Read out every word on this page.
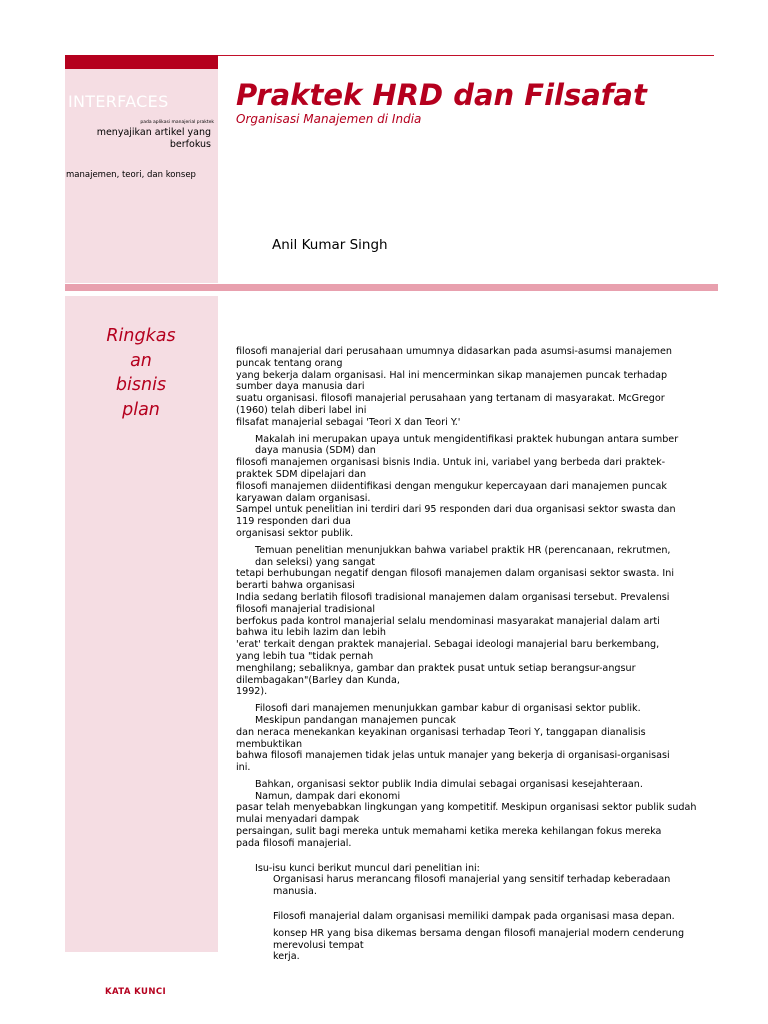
INTERFACES
pada aplikasi manajerial praktek
menyajikan artikel yang
berfokus
manajemen, teori, dan konsep
Praktek HRD dan Filsafat
Organisasi Manajemen di India
Anil Kumar Singh
Ringkas
an
bisnis
plan
filosofi manajerial dari perusahaan umumnya didasarkan pada asumsi-asumsi manajemen
puncak tentang orang
yang bekerja dalam organisasi. Hal ini mencerminkan sikap manajemen puncak terhadap
sumber daya manusia dari
suatu organisasi. filosofi manajerial perusahaan yang tertanam di masyarakat. McGregor
(1960) telah diberi label ini
filsafat manajerial sebagai 'Teori X dan Teori Y.'
Makalah ini merupakan upaya untuk mengidentifikasi praktek hubungan antara sumber
daya manusia (SDM) dan
filosofi manajemen organisasi bisnis India. Untuk ini, variabel yang berbeda dari praktek-
praktek SDM dipelajari dan
filosofi manajemen diidentifikasi dengan mengukur kepercayaan dari manajemen puncak
karyawan dalam organisasi.
Sampel untuk penelitian ini terdiri dari 95 responden dari dua organisasi sektor swasta dan
119 responden dari dua
organisasi sektor publik.
Temuan penelitian menunjukkan bahwa variabel praktik HR (perencanaan, rekrutmen,
dan seleksi) yang sangat
tetapi berhubungan negatif dengan filosofi manajemen dalam organisasi sektor swasta. Ini
berarti bahwa organisasi
India sedang berlatih filosofi tradisional manajemen dalam organisasi tersebut. Prevalensi
filosofi manajerial tradisional
berfokus pada kontrol manajerial selalu mendominasi masyarakat manajerial dalam arti
bahwa itu lebih lazim dan lebih
'erat' terkait dengan praktek manajerial. Sebagai ideologi manajerial baru berkembang,
yang lebih tua "tidak pernah
menghilang; sebaliknya, gambar dan praktek pusat untuk setiap berangsur-angsur
dilembagakan"(Barley dan Kunda,
1992).
Filosofi dari manajemen menunjukkan gambar kabur di organisasi sektor publik.
Meskipun pandangan manajemen puncak
dan neraca menekankan keyakinan organisasi terhadap Teori Y, tanggapan dianalisis
membuktikan
bahwa filosofi manajemen tidak jelas untuk manajer yang bekerja di organisasi-organisasi
ini.
Bahkan, organisasi sektor publik India dimulai sebagai organisasi kesejahteraan.
Namun, dampak dari ekonomi
pasar telah menyebabkan lingkungan yang kompetitif. Meskipun organisasi sektor publik sudah
mulai menyadari dampak
persaingan, sulit bagi mereka untuk memahami ketika mereka kehilangan fokus mereka
pada filosofi manajerial.
Isu-isu kunci berikut muncul dari penelitian ini:
Organisasi harus merancang filosofi manajerial yang sensitif terhadap keberadaan
manusia.
Filosofi manajerial dalam organisasi memiliki dampak pada organisasi masa depan.
konsep HR yang bisa dikemas bersama dengan filosofi manajerial modern cenderung
merevolusi tempat
kerja.
KATA KUNCI
